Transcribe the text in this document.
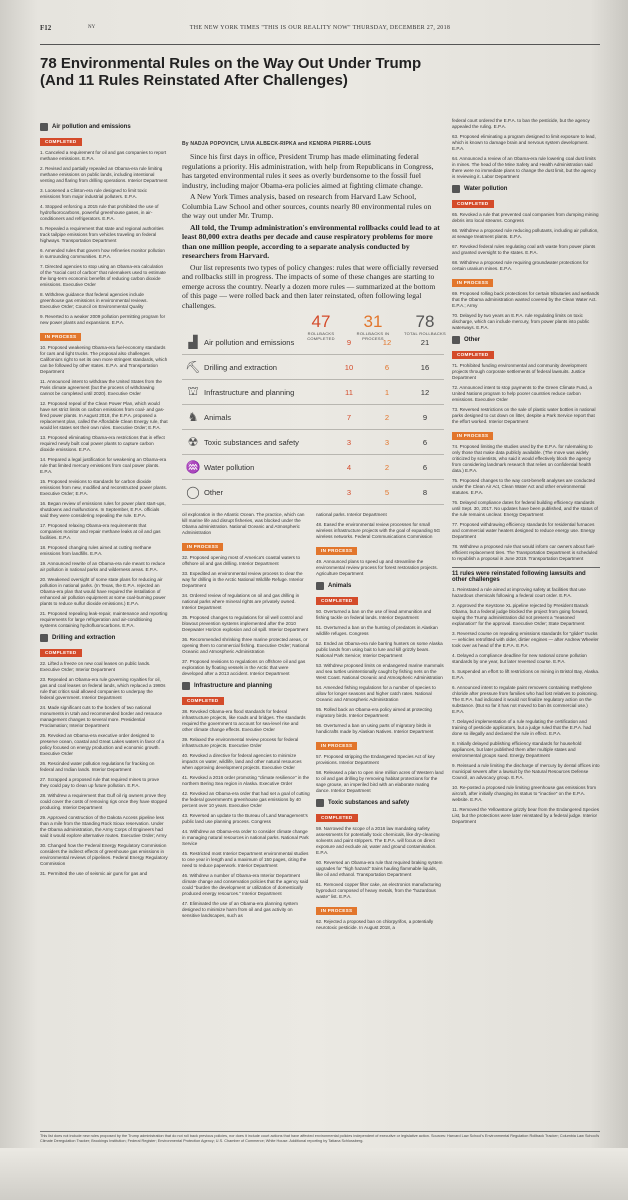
F12	NY	THE NEW YORK TIMES "THIS IS OUR REALITY NOW" THURSDAY, DECEMBER 27, 2018
78 Environmental Rules on the Way Out Under Trump
(And 11 Rules Reinstated After Challenges)
Air pollution and emissions
COMPLETED

1. Canceled a requirement for oil and gas companies to report methane emissions. E.P.A.

2. Revised and partially repealed an Obama-era rule limiting methane emissions on public lands, including intentional venting and flaring from drilling operations. Interior Department

3. Loosened a Clinton-era rule designed to limit toxic emissions from major industrial polluters. E.P.A.

4. Stopped enforcing a 2015 rule that prohibited the use of hydrofluorocarbons, powerful greenhouse gases, in air-conditioners and refrigerators. E.P.A.

5. Repealed a requirement that state and regional authorities track tailpipe emissions from vehicles traveling on federal highways. Transportation Department

6. Amended rules that govern how refineries monitor pollution in surrounding communities. E.P.A.

7. Directed agencies to stop using an Obama-era calculation of the "social cost of carbon" that rulemakers used to estimate the long-term economic benefits of reducing carbon dioxide emissions. Executive Order

8. Withdrew guidance that federal agencies include greenhouse gas emissions in environmental reviews. Executive Order; Council on Environmental Quality

9. Reverted to a weaker 2009 pollution permitting program for new power plants and expansions. E.P.A.

IN PROCESS

10. Proposed weakening Obama-era fuel-economy standards for cars and light trucks. The proposal also challenges California's right to set its own more stringent standards, which can be followed by other states. E.P.A. and Transportation Department

11. Announced intent to withdraw the United States from the Paris climate agreement (but the process of withdrawing cannot be completed until 2020). Executive Order

12. Proposed repeal of the Clean Power Plan, which would have set strict limits on carbon emissions from coal- and gas-fired power plants. In August 2018, the E.P.A. proposed a replacement plan, called the Affordable Clean Energy rule, that would let states set their own rules. Executive Order; E.P.A.

13. Proposed eliminating Obama-era restrictions that in effect required newly built coal power plants to capture carbon dioxide emissions. E.P.A.

14. Prepared a legal justification for weakening an Obama-era rule that limited mercury emissions from coal power plants. E.P.A.

15. Proposed revisions to standards for carbon dioxide emissions from new, modified and reconstructed power plants. Executive Order; E.P.A.

16. Began review of emissions rules for power plant start-ups, shutdowns and malfunctions. In September, E.P.A. officials said they were considering repealing the rule. E.P.A.

17. Proposed relaxing Obama-era requirements that companies monitor and repair methane leaks at oil and gas facilities. E.P.A.

18. Proposed changing rules aimed at cutting methane emissions from landfills. E.P.A.

19. Announced rewrite of an Obama-era rule meant to reduce air pollution in national parks and wilderness areas. E.P.A.

20. Weakened oversight of some state plans for reducing air pollution in national parks. (In Texas, the E.P.A. rejected an Obama-era plan that would have required the installation of enhanced air pollution equipment at some coal-burning power plants to reduce sulfur dioxide emissions.) E.P.A.

21. Proposed repealing leak-repair, maintenance and reporting requirements for large refrigeration and air-conditioning systems containing hydrofluorocarbons. E.P.A.

Drilling and extraction
COMPLETED

22. Lifted a freeze on new coal leases on public lands. Executive Order; Interior Department

23. Repealed an Obama-era rule governing royalties for oil, gas and coal leases on federal lands, which replaced a 1980s rule that critics said allowed companies to underpay the federal government. Interior Department

24. Made significant cuts to the borders of two national monuments in Utah and recommended border and resource management changes to several more. Presidential Proclamation; Interior Department

25. Revoked an Obama-era executive order designed to preserve ocean, coastal and Great Lakes waters in favor of a policy focused on energy production and economic growth. Executive Order

26. Rescinded water pollution regulations for fracking on federal and Indian lands. Interior Department

27. Scrapped a proposed rule that required mines to prove they could pay to clean up future pollution. E.P.A.

28. Withdrew a requirement that Gulf oil rig owners prove they could cover the costs of removing rigs once they have stopped producing. Interior Department

29. Approved construction of the Dakota Access pipeline less than a mile from the Standing Rock Sioux reservation. Under the Obama administration, the Army Corps of Engineers had said it would explore alternative routes. Executive Order; Army

30. Changed how the Federal Energy Regulatory Commission considers the indirect effects of greenhouse gas emissions in environmental reviews of pipelines. Federal Energy Regulatory Commission

31. Permitted the use of seismic air guns for gas and

By NADJA POPOVICH, LIVIA ALBECK-RIPKA and KENDRA PIERRE-LOUIS

Since his first days in office, President Trump has made eliminating federal regulations a priority. His administration, with help from Republicans in Congress, has targeted environmental rules it sees as overly burdensome to the fossil fuel industry, including major Obama-era policies aimed at fighting climate change.

A New York Times analysis, based on research from Harvard Law School, Columbia Law School and other sources, counts nearly 80 environmental rules on the way out under Mr. Trump.

All told, the Trump administration's environmental rollbacks could lead to at least 80,000 extra deaths per decade and cause respiratory problems for more than one million people, according to a separate analysis conducted by researchers from Harvard.

Our list represents two types of policy changes: rules that were officially reversed and rollbacks still in progress. The impacts of some of these changes are starting to emerge across the country. Nearly a dozen more rules — summarized at the bottom of this page — were rolled back and then later reinstated, often following legal challenges.

47
ROLLBACKS COMPLETED
31
ROLLBACKS IN PROCESS
78
TOTAL ROLLBACKS
▟ Air pollution and emissions	9	12	21
⛏ Drilling and extraction	10	6	16
⛫ Infrastructure and planning	11	1	12
♞ Animals	7	2	9
☢ Toxic substances and safety	3	3	6
♒ Water pollution	4	2	6
◯ Other	3	5	8

oil exploration in the Atlantic Ocean. The practice, which can kill marine life and disrupt fisheries, was blocked under the Obama administration. National Oceanic and Atmospheric Administration

IN PROCESS

32. Proposed opening most of America's coastal waters to offshore oil and gas drilling. Interior Department

33. Expedited an environmental review process to clear the way for drilling in the Arctic National Wildlife Refuge. Interior Department

34. Ordered review of regulations on oil and gas drilling in national parks where mineral rights are privately owned. Interior Department

35. Proposed changes to regulations for oil well control and blowout prevention systems implemented after the 2010 Deepwater Horizon explosion and oil spill. Interior Department

36. Recommended shrinking three marine protected areas, or opening them to commercial fishing. Executive Order; National Oceanic and Atmospheric Administration

37. Proposed revisions to regulations on offshore oil and gas exploration by floating vessels in the Arctic that were developed after a 2013 accident. Interior Department

Infrastructure and planning
COMPLETED

38. Revoked Obama-era flood standards for federal infrastructure projects, like roads and bridges. The standards required the government to account for sea-level rise and other climate change effects. Executive Order

39. Relaxed the environmental review process for federal infrastructure projects. Executive Order

40. Revoked a directive for federal agencies to minimize impacts on water, wildlife, land and other natural resources when approving development projects. Executive Order

41. Revoked a 2016 order promoting "climate resilience" in the northern Bering Sea region in Alaska. Executive Order

42. Revoked an Obama-era order that had set a goal of cutting the federal government's greenhouse gas emissions by 40 percent over 10 years. Executive Order

43. Reversed an update to the Bureau of Land Management's public land use planning process. Congress

44. Withdrew an Obama-era order to consider climate change in managing natural resources in national parks. National Park Service

45. Restricted most Interior Department environmental studies to one year in length and a maximum of 150 pages, citing the need to reduce paperwork. Interior Department

46. Withdrew a number of Obama-era Interior Department climate change and conservation policies that the agency said could "burden the development or utilization of domestically produced energy resources." Interior Department

47. Eliminated the use of an Obama-era planning system designed to minimize harm from oil and gas activity on sensitive landscapes, such as

national parks. Interior Department

48. Eased the environmental review processes for small wireless infrastructure projects with the goal of expanding 5G wireless networks. Federal Communications Commission

IN PROCESS

49. Announced plans to speed up and streamline the environmental review process for forest restoration projects. Agriculture Department

Animals
COMPLETED

50. Overturned a ban on the use of lead ammunition and fishing tackle on federal lands. Interior Department

51. Overturned a ban on the hunting of predators in Alaskan wildlife refuges. Congress

52. Ended an Obama-era rule barring hunters on some Alaska public lands from using bait to lure and kill grizzly bears. National Park Service; Interior Department

53. Withdrew proposed limits on endangered marine mammals and sea turtles unintentionally caught by fishing nets on the West Coast. National Oceanic and Atmospheric Administration

54. Amended fishing regulations for a number of species to allow for longer seasons and higher catch rates. National Oceanic and Atmospheric Administration

55. Rolled back an Obama-era policy aimed at protecting migratory birds. Interior Department

56. Overturned a ban on using parts of migratory birds in handicrafts made by Alaskan Natives. Interior Department

IN PROCESS

57. Proposed stripping the Endangered Species Act of key provisions. Interior Department

58. Released a plan to open nine million acres of Western land to oil and gas drilling by removing habitat protections for the sage grouse, an imperiled bird with an elaborate mating dance. Interior Department

Toxic substances and safety
COMPLETED

59. Narrowed the scope of a 2016 law mandating safety assessments for potentially toxic chemicals, like dry-cleaning solvents and paint strippers. The E.P.A. will focus on direct exposure and exclude air, water and ground contamination. E.P.A.

60. Reversed an Obama-era rule that required braking system upgrades for "high hazard" trains hauling flammable liquids, like oil and ethanol. Transportation Department

61. Removed copper filter cake, an electronics manufacturing byproduct composed of heavy metals, from the "hazardous waste" list. E.P.A.

IN PROCESS

62. Rejected a proposed ban on chlorpyrifos, a potentially neurotoxic pesticide. In August 2018, a

federal court ordered the E.P.A. to ban the pesticide, but the agency appealed the ruling. E.P.A.

63. Proposed eliminating a program designed to limit exposure to lead, which is known to damage brain and nervous system development. E.P.A.

64. Announced a review of an Obama-era rule lowering coal dust limits in mines. The head of the Mine Safety and Health Administration said there were no immediate plans to change the dust limit, but the agency is reviewing it. Labor Department

Water pollution
COMPLETED

65. Revoked a rule that prevented coal companies from dumping mining debris into local streams. Congress

66. Withdrew a proposed rule reducing pollutants, including air pollution, at sewage treatment plants. E.P.A.

67. Revoked federal rules regulating coal ash waste from power plants and granted oversight to the states. E.P.A.

68. Withdrew a proposed rule requiring groundwater protections for certain uranium mines. E.P.A.

IN PROCESS

69. Proposed rolling back protections for certain tributaries and wetlands that the Obama administration wanted covered by the Clean Water Act. E.P.A.; Army

70. Delayed by two years an E.P.A. rule regulating limits on toxic discharge, which can include mercury, from power plants into public waterways. E.P.A.

Other
COMPLETED

71. Prohibited funding environmental and community development projects through corporate settlements of federal lawsuits. Justice Department

72. Announced intent to stop payments to the Green Climate Fund, a United Nations program to help poorer countries reduce carbon emissions. Executive Order

73. Reversed restrictions on the sale of plastic water bottles in national parks designed to cut down on litter, despite a Park Service report that the effort worked. Interior Department

IN PROCESS

74. Proposed limiting the studies used by the E.P.A. for rulemaking to only those that make data publicly available. (The move was widely criticized by scientists, who said it would effectively block the agency from considering landmark research that relies on confidential health data.) E.P.A.

75. Proposed changes to the way cost-benefit analyses are conducted under the Clean Air Act, Clean Water Act and other environmental statutes. E.P.A.

76. Delayed compliance dates for federal building efficiency standards until Sept. 30, 2017. No updates have been published, and the status of the rule remains unclear. Energy Department

77. Proposed withdrawing efficiency standards for residential furnaces and commercial water heaters designed to reduce energy use. Energy Department

78. Withdrew a proposed rule that would inform car owners about fuel-efficient replacement tires. The Transportation Department is scheduled to republish a proposal in June 2019. Transportation Department

11 rules were reinstated following lawsuits and other challenges

1. Reinstated a rule aimed at improving safety at facilities that use hazardous chemicals following a federal court order. E.P.A.

2. Approved the Keystone XL pipeline rejected by President Barack Obama, but a federal judge blocked the project from going forward, saying the Trump administration did not present a "reasoned explanation" for the approval. Executive Order; State Department

3. Reversed course on repealing emissions standards for "glider" trucks — vehicles retrofitted with older, dirtier engines — after Andrew Wheeler took over as head of the E.P.A. E.P.A.

4. Delayed a compliance deadline for new national ozone pollution standards by one year, but later reversed course. E.P.A.

5. Suspended an effort to lift restrictions on mining in Bristol Bay, Alaska. E.P.A.

6. Announced intent to regulate paint removers containing methylene chloride after pressure from families who had lost relatives to poisoning. The E.P.A. had indicated it would not finalize regulatory action on the substance. (But so far it has not moved to ban its commercial use.) E.P.A.

7. Delayed implementation of a rule regulating the certification and training of pesticide applicators, but a judge ruled that the E.P.A. had done so illegally and declared the rule in effect. E.P.A.

8. Initially delayed publishing efficiency standards for household appliances, but later published them after multiple states and environmental groups sued. Energy Department

9. Reissued a rule limiting the discharge of mercury by dental offices into municipal sewers after a lawsuit by the Natural Resources Defense Council, an advocacy group. E.P.A.

10. Re-posted a proposed rule limiting greenhouse gas emissions from aircraft, after initially changing its status to "inactive" on the E.P.A. website. E.P.A.

11. Removed the Yellowstone grizzly bear from the Endangered Species List, but the protections were later reinstated by a federal judge. Interior Department

This list does not include new rules proposed by the Trump administration that do not roll back previous policies, nor does it include court actions that have affected environmental policies independent of executive or legislative action. Sources: Harvard Law School's Environmental Regulation Rollback Tracker; Columbia Law School's Climate Deregulation Tracker; Brookings Institution; Federal Register; Environmental Protection Agency; U.S. Chamber of Commerce; White House. Additional reporting by Tatiana Schlossberg.
